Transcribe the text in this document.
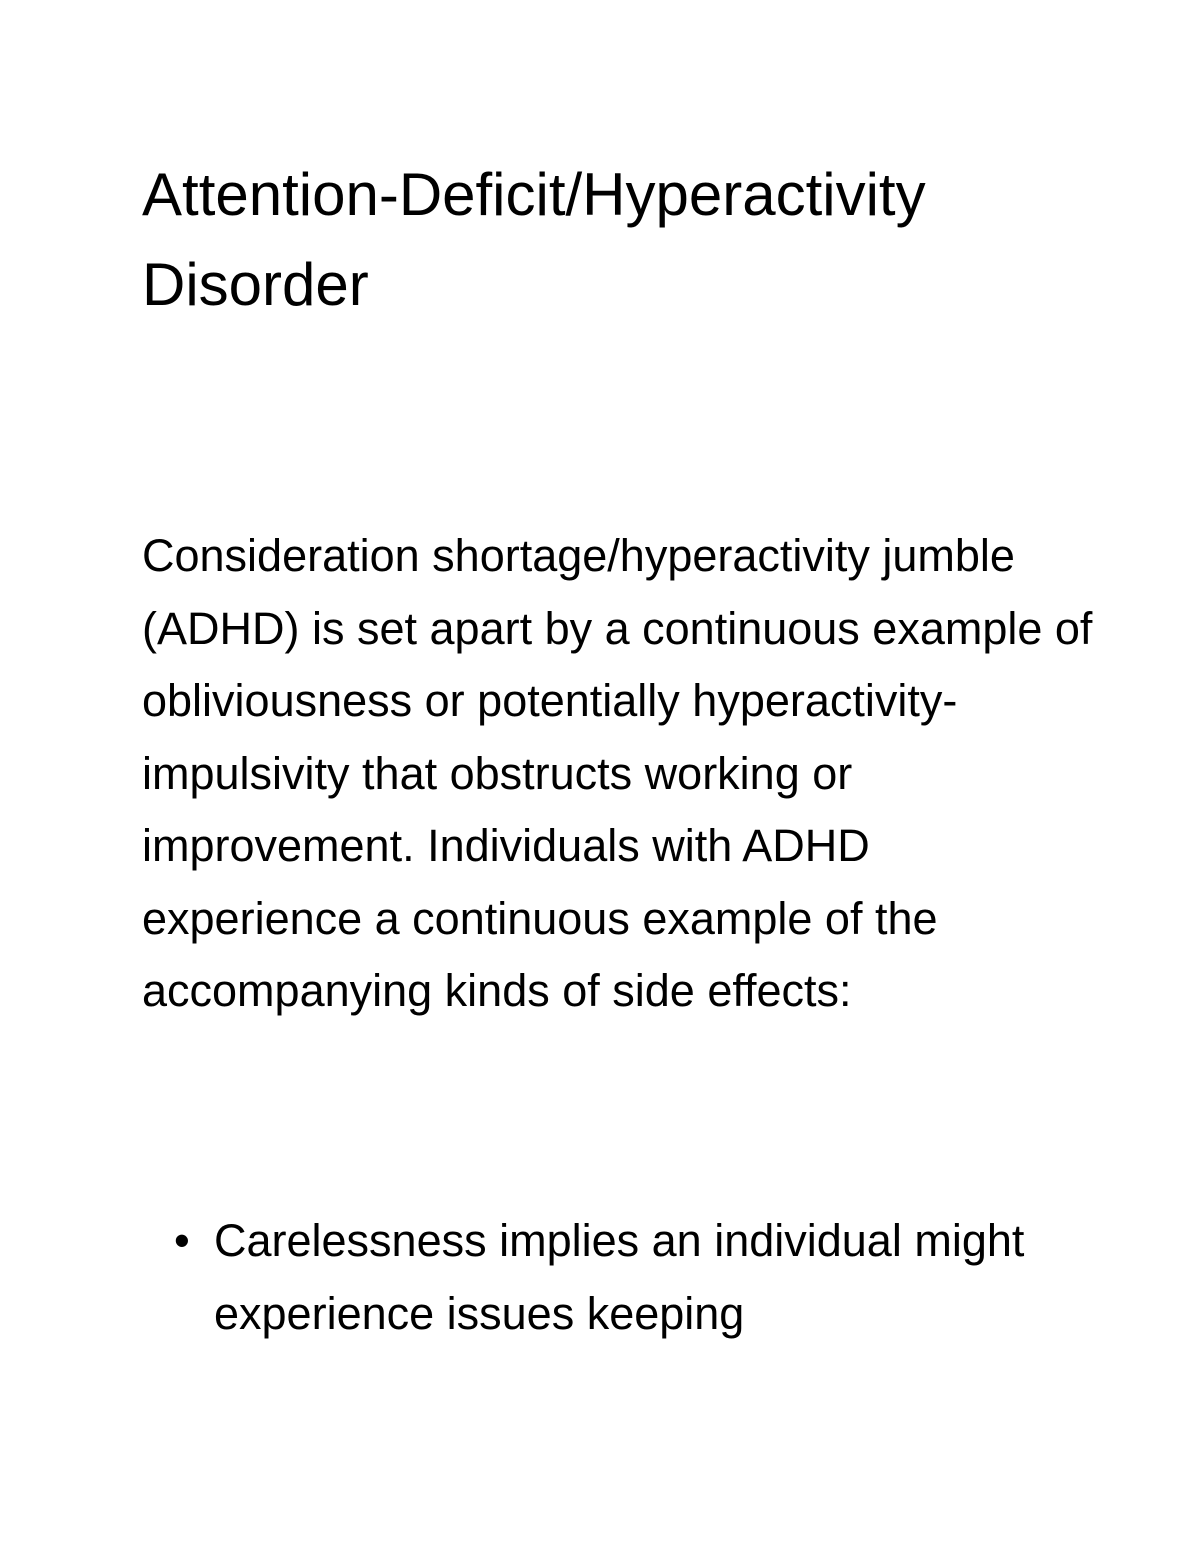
Attention-Deficit/Hyperactivity Disorder

Consideration shortage/hyperactivity jumble (ADHD) is set apart by a continuous example of obliviousness or potentially hyperactivity-impulsivity that obstructs working or improvement. Individuals with ADHD experience a continuous example of the accompanying kinds of side effects:

• Carelessness implies an individual might experience issues keeping
